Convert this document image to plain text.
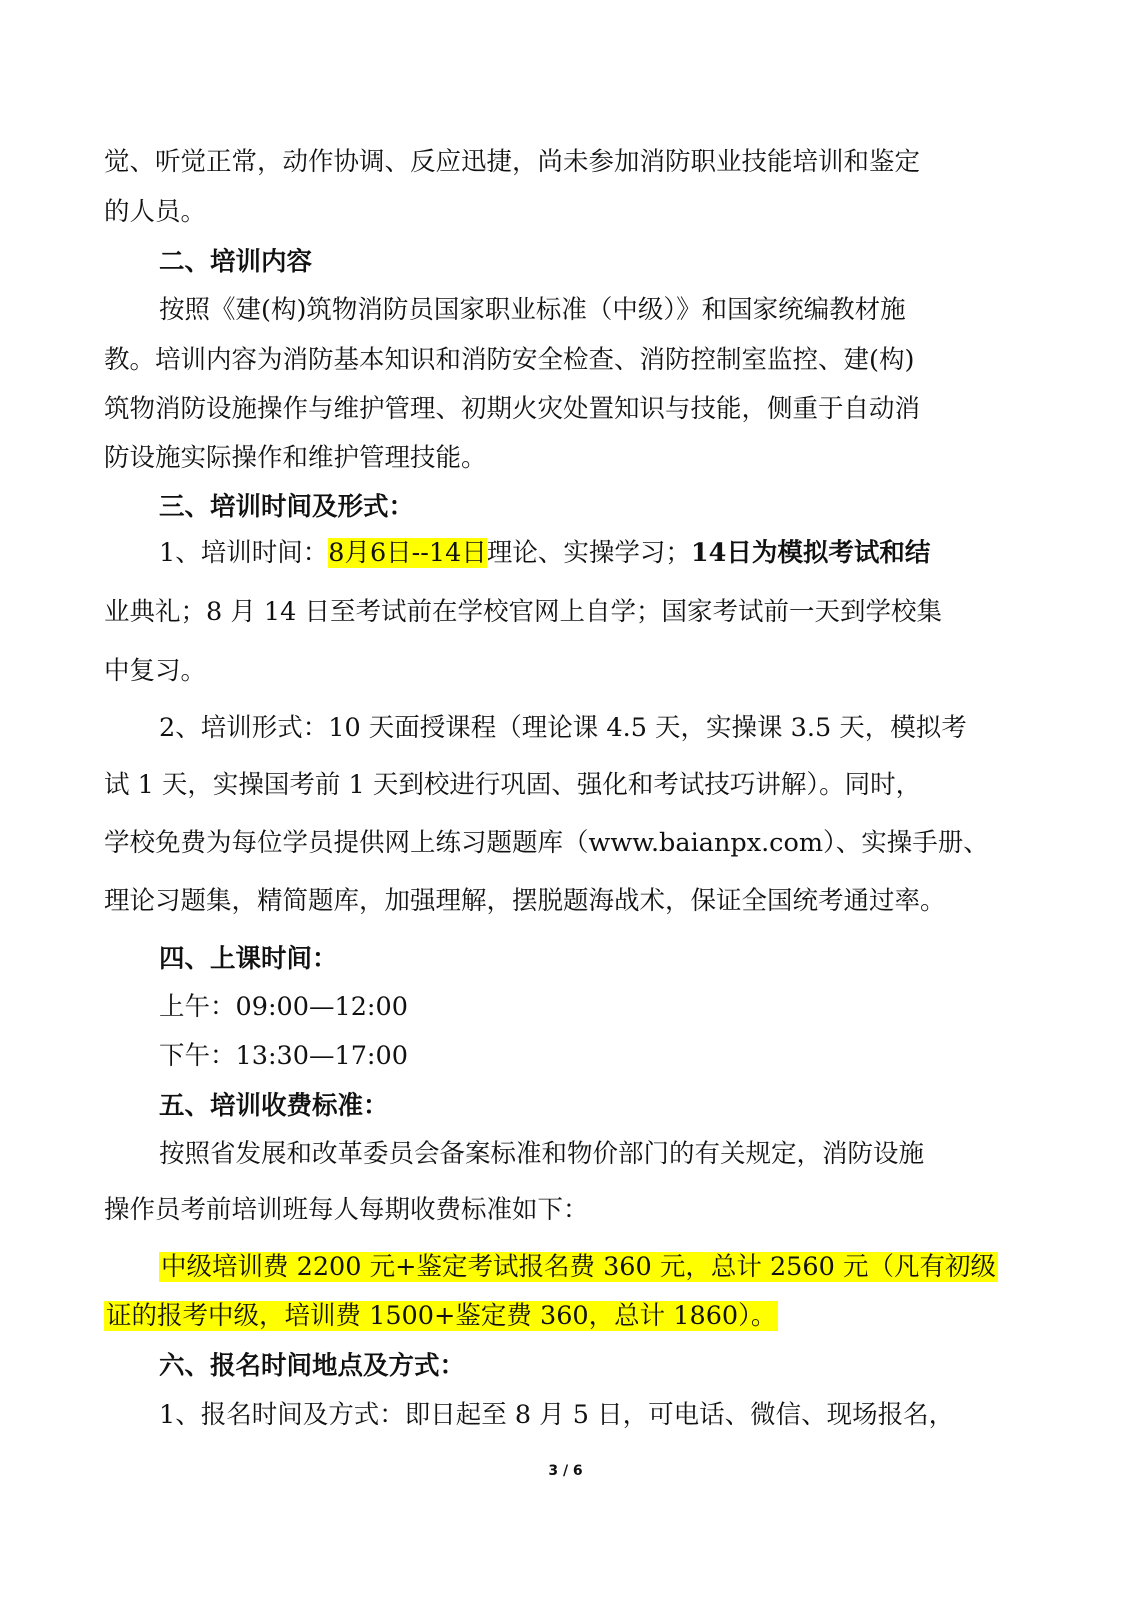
觉、听觉正常，动作协调、反应迅捷，尚未参加消防职业技能培训和鉴定
的人员。
二、培训内容
按照《建(构)筑物消防员国家职业标准（中级）》和国家统编教材施
教。培训内容为消防基本知识和消防安全检查、消防控制室监控、建(构)
筑物消防设施操作与维护管理、初期火灾处置知识与技能，侧重于自动消
防设施实际操作和维护管理技能。
三、培训时间及形式：
1、培训时间：8月6日--14日理论、实操学习；14日为模拟考试和结
业典礼；8 月 14 日至考试前在学校官网上自学；国家考试前一天到学校集
中复习。
2、培训形式：10 天面授课程（理论课 4.5 天，实操课 3.5 天，模拟考
试 1 天，实操国考前 1 天到校进行巩固、强化和考试技巧讲解）。同时，
学校免费为每位学员提供网上练习题题库（www.baianpx.com）、实操手册、
理论习题集，精简题库，加强理解，摆脱题海战术，保证全国统考通过率。
四、上课时间：
上午：09:00—12:00
下午：13:30—17:00
五、培训收费标准：
按照省发展和改革委员会备案标准和物价部门的有关规定，消防设施
操作员考前培训班每人每期收费标准如下：
中级培训费 2200 元+鉴定考试报名费 360 元，总计 2560 元（凡有初级
证的报考中级，培训费 1500+鉴定费 360，总计 1860）。
六、报名时间地点及方式：
1、报名时间及方式：即日起至 8 月 5 日，可电话、微信、现场报名，
3 / 6
